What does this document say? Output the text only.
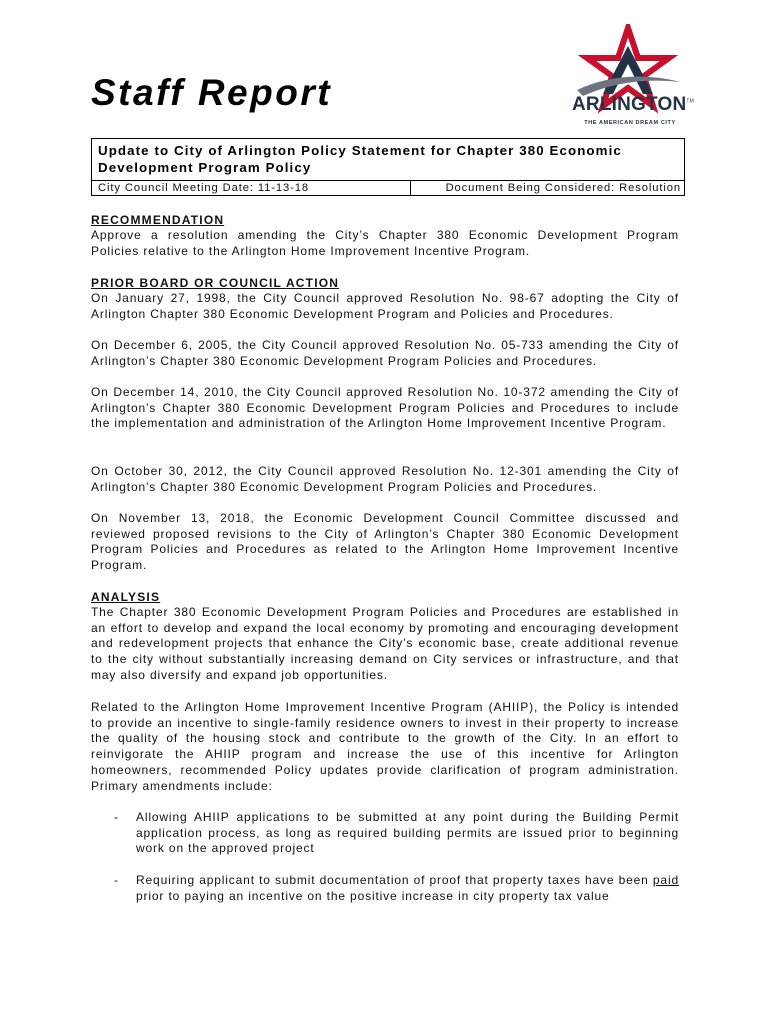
Staff Report	ARLINGTON™
THE AMERICAN DREAM CITY

Update to City of Arlington Policy Statement for Chapter 380 Economic Development Program Policy

City Council Meeting Date: 11-13-18	Document Being Considered: Resolution
RECOMMENDATION

Approve a resolution amending the City’s Chapter 380 Economic Development Program Policies relative to the Arlington Home Improvement Incentive Program.

PRIOR BOARD OR COUNCIL ACTION

On January 27, 1998, the City Council approved Resolution No. 98-67 adopting the City of Arlington Chapter 380 Economic Development Program and Policies and Procedures.

On December 6, 2005, the City Council approved Resolution No. 05-733 amending the City of Arlington’s Chapter 380 Economic Development Program Policies and Procedures.

On December 14, 2010, the City Council approved Resolution No. 10-372 amending the City of Arlington’s Chapter 380 Economic Development Program Policies and Procedures to include the implementation and administration of the Arlington Home Improvement Incentive Program.

On October 30, 2012, the City Council approved Resolution No. 12-301 amending the City of Arlington’s Chapter 380 Economic Development Program Policies and Procedures.

On November 13, 2018, the Economic Development Council Committee discussed and reviewed proposed revisions to the City of Arlington’s Chapter 380 Economic Development Program Policies and Procedures as related to the Arlington Home Improvement Incentive Program.

ANALYSIS

The Chapter 380 Economic Development Program Policies and Procedures are established in an effort to develop and expand the local economy by promoting and encouraging development and redevelopment projects that enhance the City’s economic base, create additional revenue to the city without substantially increasing demand on City services or infrastructure, and that may also diversify and expand job opportunities.

Related to the Arlington Home Improvement Incentive Program (AHIIP), the Policy is intended to provide an incentive to single-family residence owners to invest in their property to increase the quality of the housing stock and contribute to the growth of the City. In an effort to reinvigorate the AHIIP program and increase the use of this incentive for Arlington homeowners, recommended Policy updates provide clarification of program administration. Primary amendments include:

- Allowing AHIIP applications to be submitted at any point during the Building Permit application process, as long as required building permits are issued prior to beginning work on the approved project

- Requiring applicant to submit documentation of proof that property taxes have been paid prior to paying an incentive on the positive increase in city property tax value
